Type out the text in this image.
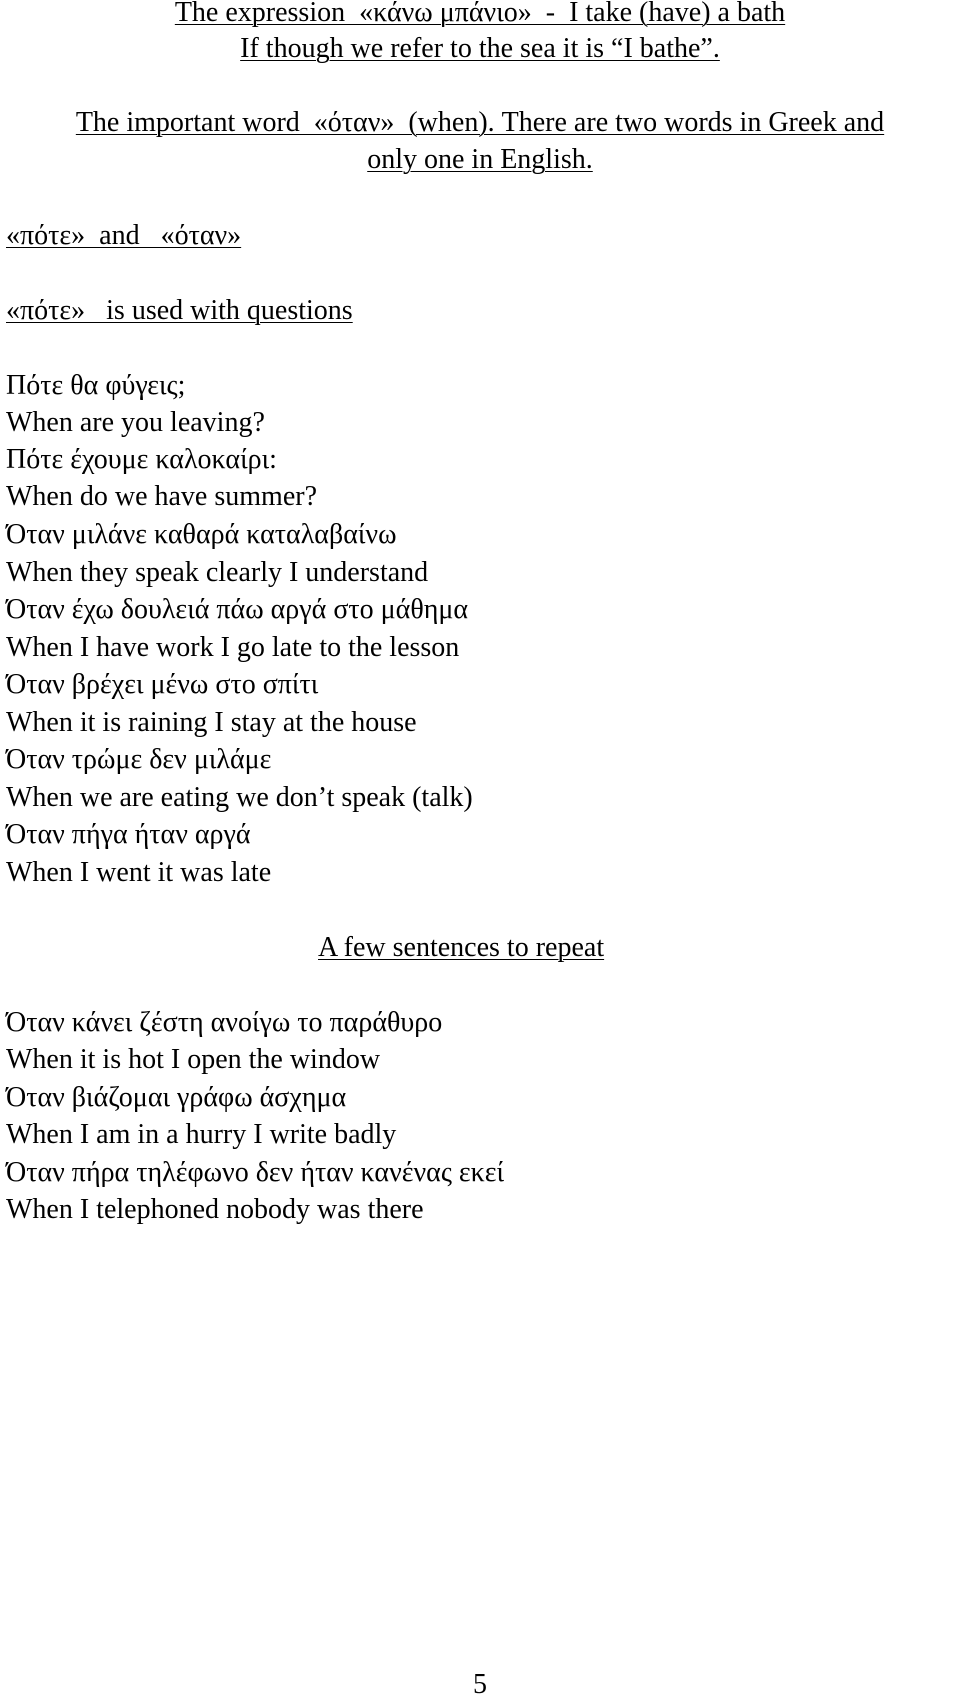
The expression  «κάνω μπάνιο»  -  I take (have) a bath
If though we refer to the sea it is “I bathe”.
The important word  «όταν»  (when). There are two words in Greek and
only one in English.
«πότε»  and   «όταν»
«πότε»   is used with questions
Πότε θα φύγεις;
When are you leaving?
Πότε έχουμε καλοκαίρι:
When do we have summer?
Όταν μιλάνε καθαρά καταλαβαίνω
When they speak clearly I understand
Όταν έχω δουλειά πάω αργά στο μάθημα
When I have work I go late to the lesson
Όταν βρέχει μένω στο σπίτι
When it is raining I stay at the house
Όταν τρώμε δεν μιλάμε
When we are eating we don’t speak (talk)
Όταν πήγα ήταν αργά
When I went it was late
A few sentences to repeat
Όταν κάνει ζέστη ανοίγω το παράθυρο
When it is hot I open the window
Όταν βιάζομαι γράφω άσχημα
When I am in a hurry I write badly
Όταν πήρα τηλέφωνο δεν ήταν κανένας εκεί
When I telephoned nobody was there
5
